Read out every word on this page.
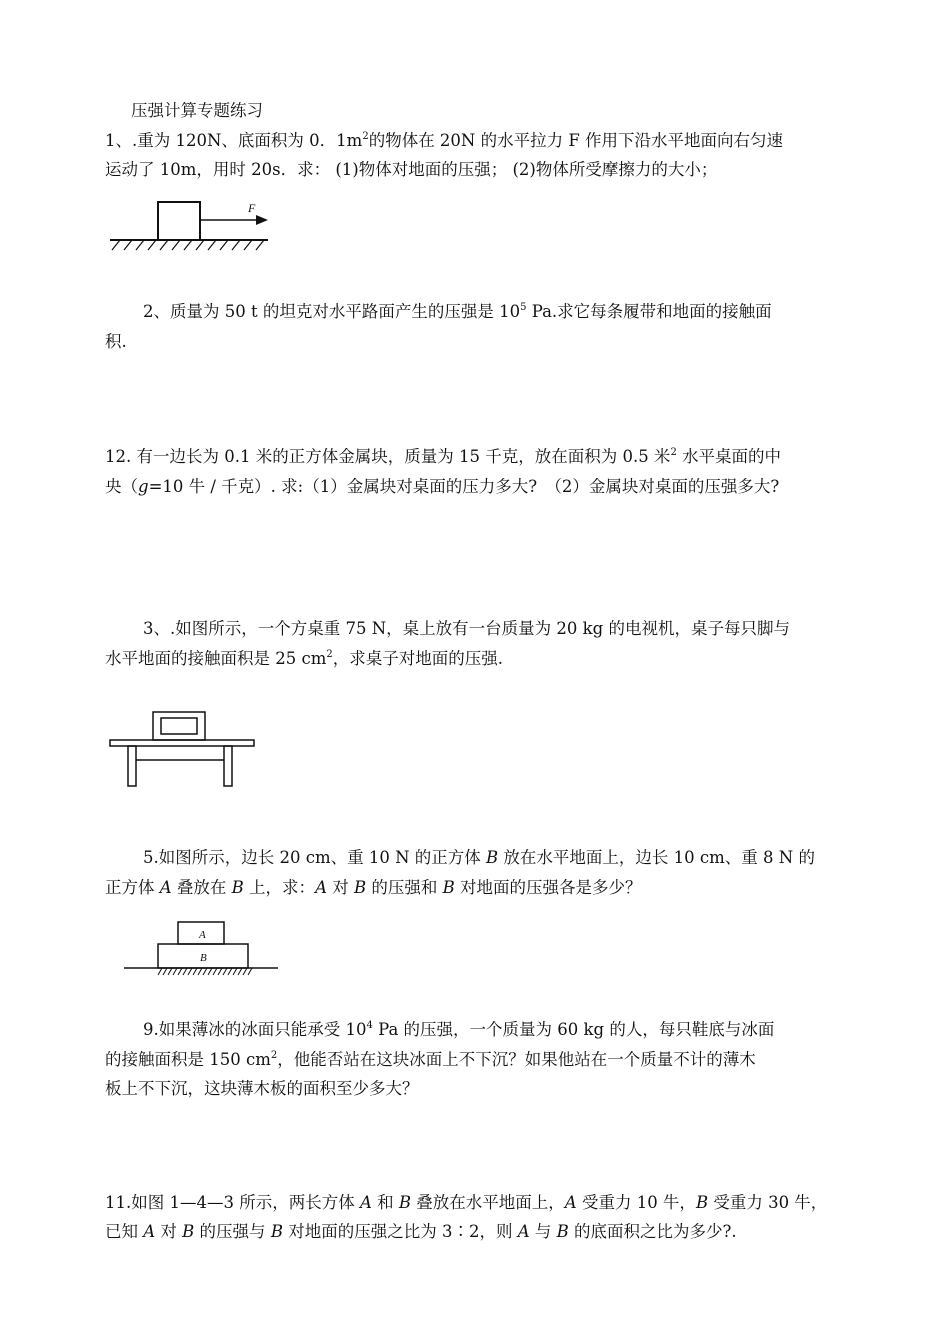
压强计算专题练习
1、.重为 120N、底面积为 0．$1m^2$的物体在 20N 的水平拉力 F 作用下沿水平地面向右匀速
运动了 10m，用时 20s．求： (1)物体对地面的压强； (2)物体所受摩擦力的大小；
F
2、质量为 50 t 的坦克对水平路面产生的压强是 $10^5$ Pa.求它每条履带和地面的接触面
积.
12. 有一边长为 0.1 米的正方体金属块，质量为 15 千克，放在面积为 0.5 米$^2$ 水平桌面的中
央（g=10 牛 / 千克）. 求:（1）金属块对桌面的压力多大?　（2）金属块对桌面的压强多大?
3、.如图所示，一个方桌重 75 N，桌上放有一台质量为 20 kg 的电视机，桌子每只脚与
水平地面的接触面积是 25 $cm^2$，求桌子对地面的压强.
5.如图所示，边长 20 cm、重 10 N 的正方体 B 放在水平地面上，边长 10 cm、重 8 N 的
正方体 A 叠放在 B 上，求：A 对 B 的压强和 B 对地面的压强各是多少？
A
B
9.如果薄冰的冰面只能承受 $10^4$ Pa 的压强，一个质量为 60 kg 的人，每只鞋底与冰面
的接触面积是 150 $cm^2$，他能否站在这块冰面上不下沉？如果他站在一个质量不计的薄木
板上不下沉，这块薄木板的面积至少多大？
11.如图 1—4—3 所示，两长方体 A 和 B 叠放在水平地面上，A 受重力 10 牛，B 受重力 30 牛，
已知 A 对 B 的压强与 B 对地面的压强之比为 3∶2，则 A 与 B 的底面积之比为多少?.
